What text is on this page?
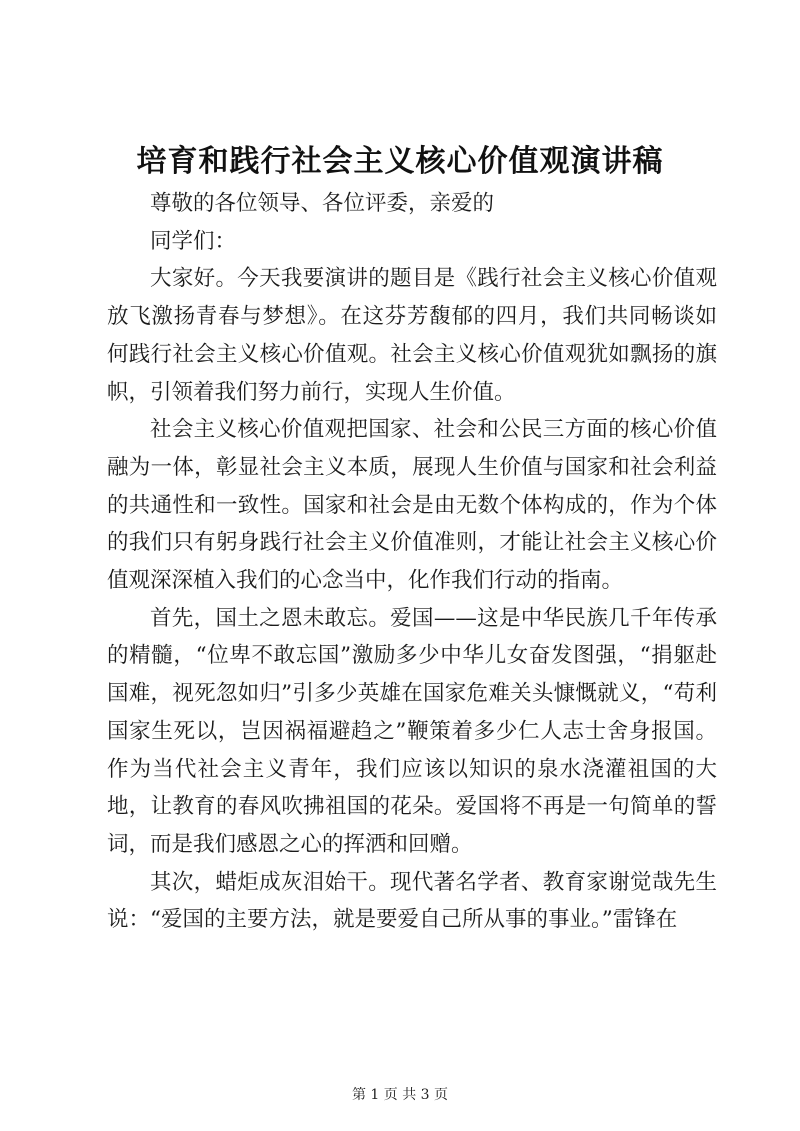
培育和践行社会主义核心价值观演讲稿

尊敬的各位领导、各位评委，亲爱的

同学们：

大家好。今天我要演讲的题目是《践行社会主义核心价值观放飞激扬青春与梦想》。在这芬芳馥郁的四月，我们共同畅谈如何践行社会主义核心价值观。社会主义核心价值观犹如飘扬的旗帜，引领着我们努力前行，实现人生价值。

社会主义核心价值观把国家、社会和公民三方面的核心价值融为一体，彰显社会主义本质，展现人生价值与国家和社会利益的共通性和一致性。国家和社会是由无数个体构成的，作为个体的我们只有躬身践行社会主义价值准则，才能让社会主义核心价值观深深植入我们的心念当中，化作我们行动的指南。

首先，国土之恩未敢忘。爱国——这是中华民族几千年传承的精髓，“位卑不敢忘国”激励多少中华儿女奋发图强，“捐躯赴国难，视死忽如归”引多少英雄在国家危难关头慷慨就义，“苟利国家生死以，岂因祸福避趋之”鞭策着多少仁人志士舍身报国。作为当代社会主义青年，我们应该以知识的泉水浇灌祖国的大地，让教育的春风吹拂祖国的花朵。爱国将不再是一句简单的誓词，而是我们感恩之心的挥洒和回赠。

其次，蜡炬成灰泪始干。现代著名学者、教育家谢觉哉先生说：“爱国的主要方法，就是要爱自己所从事的事业。”雷锋在

第 1 页 共 3 页
